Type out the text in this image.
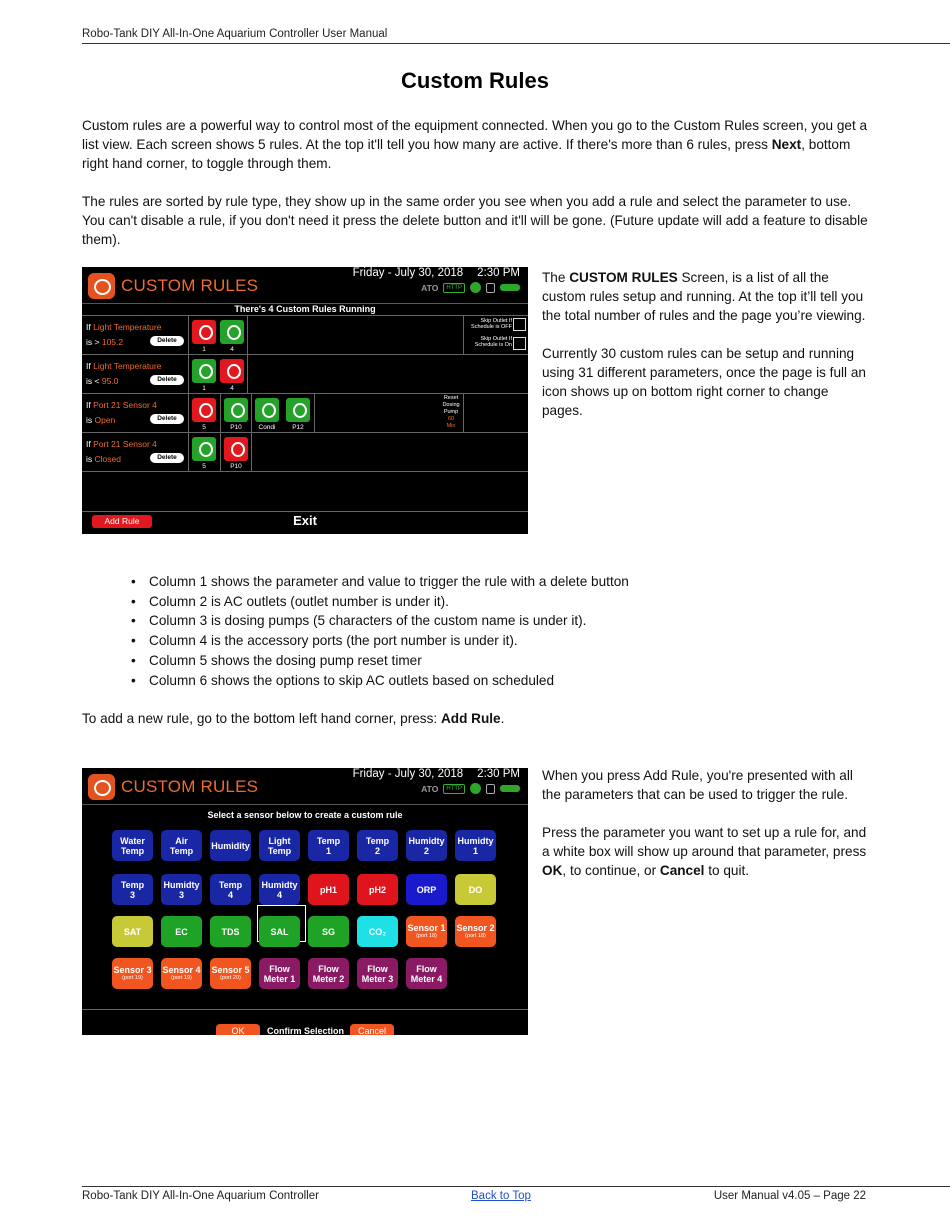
Robo-Tank DIY All-In-One Aquarium Controller User Manual
Custom Rules

Custom rules are a powerful way to control most of the equipment connected. When you go to the Custom Rules screen, you get a list view. Each screen shows 5 rules. At the top it'll tell you how many are active. If there's more than 6 rules, press Next, bottom right hand corner, to toggle through them.

The rules are sorted by rule type, they show up in the same order you see when you add a rule and select the parameter to use. You can't disable a rule, if you don't need it press the delete button and it'll will be gone. (Future update will add a feature to disable them).

CUSTOM RULES
Friday - July 30, 2018 2:30 PM
ATO	HTTP
There's 4 Custom Rules Running
If Light Temperature
is > 105.2	Delete
1	4
Skip Outlet If
Schedule is OFF
Skip Outlet If
Schedule is On
If Light Temperature
is < 95.0	Delete
1	4
If Port 21 Sensor 4
is Open	Delete
5	P10	Condi	P12
Reset
Dosing
Pump
60
Min
If Port 21 Sensor 4
is Closed	Delete
5	P10
Add Rule	Exit

The CUSTOM RULES Screen, is a list of all the custom rules setup and running. At the top it’ll tell you the total number of rules and the page you’re viewing.

Currently 30 custom rules can be setup and running using 31 different parameters, once the page is full an icon shows up on bottom right corner to change pages.

• Column 1 shows the parameter and value to trigger the rule with a delete button
• Column 2 is AC outlets (outlet number is under it).
• Column 3 is dosing pumps (5 characters of the custom name is under it).
• Column 4 is the accessory ports (the port number is under it).
• Column 5 shows the dosing pump reset timer
• Column 6 shows the options to skip AC outlets based on scheduled

To add a new rule, go to the bottom left hand corner, press: Add Rule.

CUSTOM RULES
Friday - July 30, 2018 2:30 PM
ATO	HTTP
Select a sensor below to create a custom rule
Water
Temp
Air
Temp Humidity Light
Temp
Temp
1
Temp
2
Humidty
2
Humidty
1
Temp
3
Humidty
3
Temp
4
Humidty
4	pH1	pH2	ORP	DO
SAT	EC	TDS	SAL	SG	CO₂ Sensor 1
(port 18)
Sensor 2
(port 18)
Sensor 3
(port 19)
Sensor 4
(port 19)
Sensor 5
(port 20)
Flow
Meter 1
Flow
Meter 2
Flow
Meter 3
Flow
Meter 4
OK	Confirm Selection	Cancel

When you press Add Rule, you're presented with all the parameters that can be used to trigger the rule.

Press the parameter you want to set up a rule for, and a white box will show up around that parameter, press OK, to continue, or Cancel to quit.

Robo-Tank DIY All-In-One Aquarium Controller	Back to Top	User Manual v4.05 – Page 22
